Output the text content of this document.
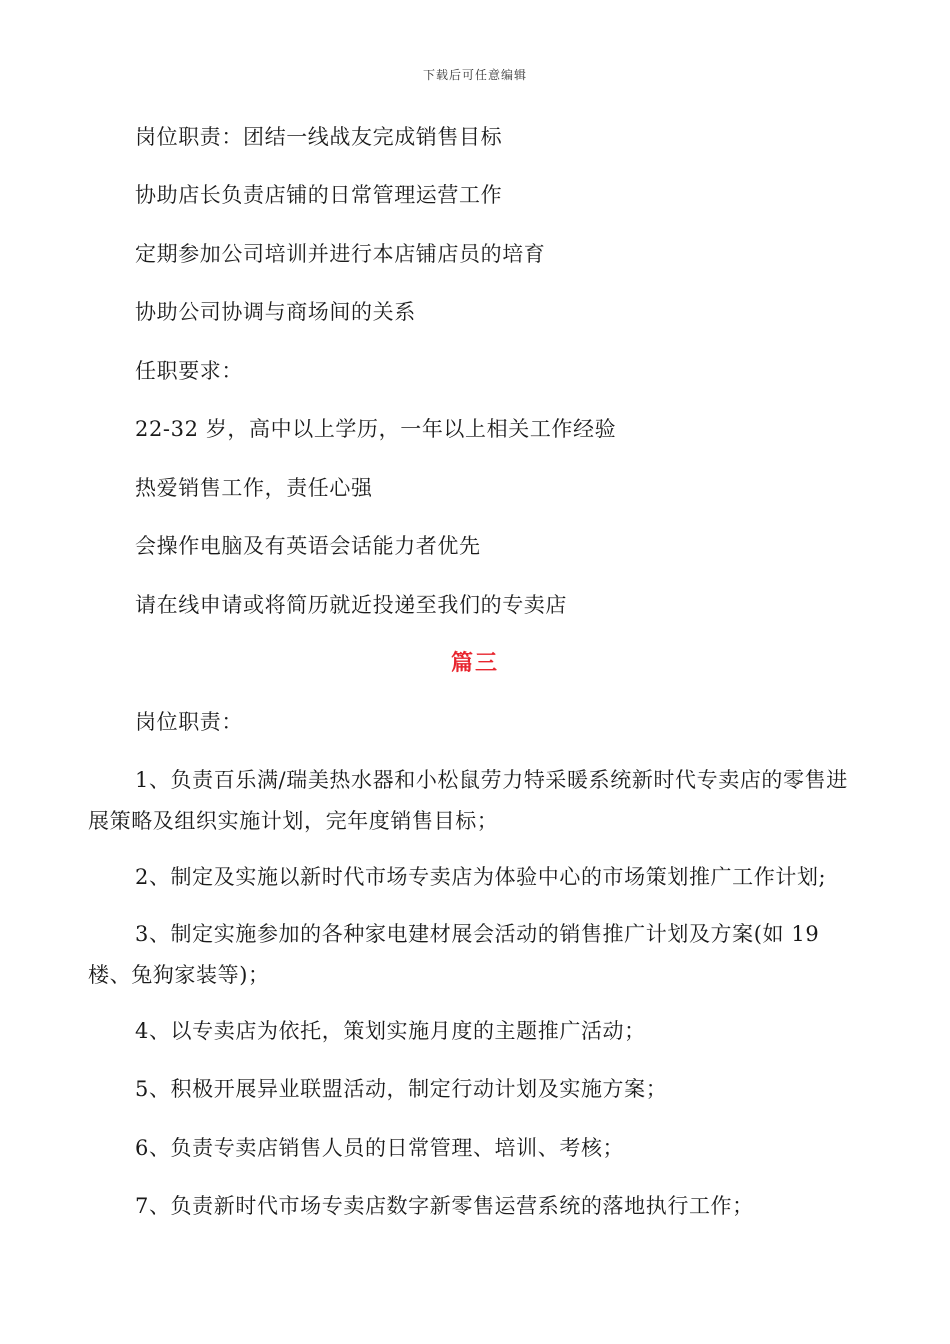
下载后可任意编辑
岗位职责：团结一线战友完成销售目标
协助店长负责店铺的日常管理运营工作
定期参加公司培训并进行本店铺店员的培育
协助公司协调与商场间的关系
任职要求：
22-32 岁，高中以上学历，一年以上相关工作经验
热爱销售工作，责任心强
会操作电脑及有英语会话能力者优先
请在线申请或将简历就近投递至我们的专卖店
篇三
岗位职责：
1、负责百乐满/瑞美热水器和小松鼠劳力特采暖系统新时代专卖店的零售进展策略及组织实施计划，完年度销售目标；
2、制定及实施以新时代市场专卖店为体验中心的市场策划推广工作计划;
3、制定实施参加的各种家电建材展会活动的销售推广计划及方案(如 19 楼、兔狗家装等)；
4、以专卖店为依托，策划实施月度的主题推广活动；
5、积极开展异业联盟活动，制定行动计划及实施方案；
6、负责专卖店销售人员的日常管理、培训、考核；
7、负责新时代市场专卖店数字新零售运营系统的落地执行工作；
